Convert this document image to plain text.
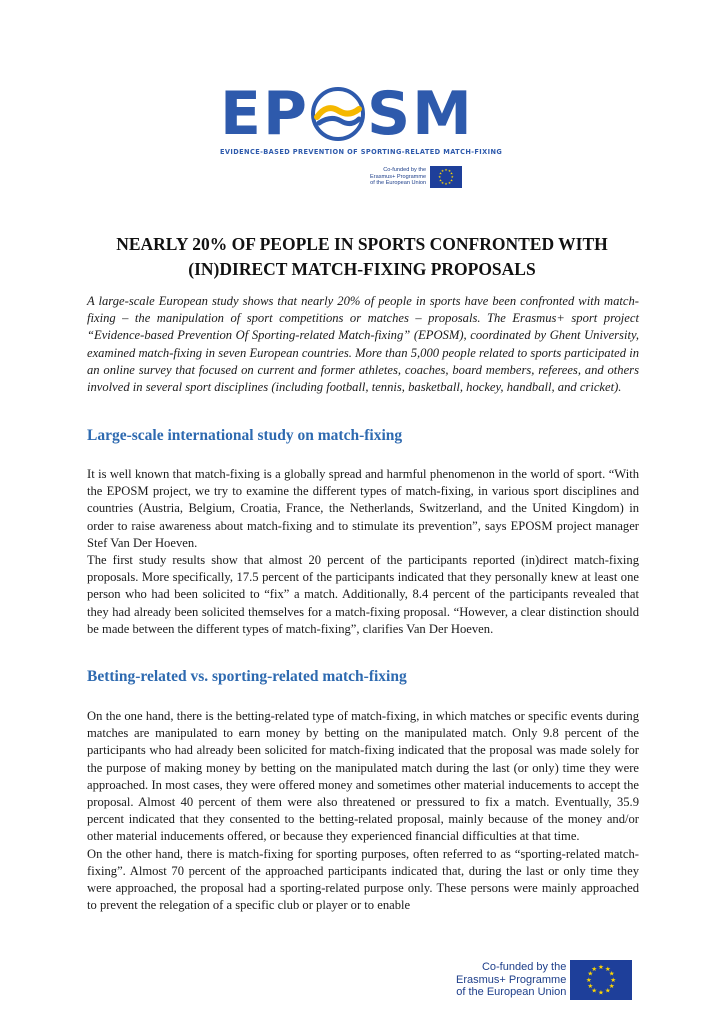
EP SM
EVIDENCE-BASED PREVENTION OF SPORTING-RELATED MATCH-FIXING
Co-funded by the
Erasmus+ Programme
of the European Union
★ ★
★
★
★
★
★
★
★
★
★
★
NEARLY 20% OF PEOPLE IN SPORTS CONFRONTED WITH
(IN)DIRECT MATCH-FIXING PROPOSALS
A large-scale European study shows that nearly 20% of people in sports have been confronted with match-fixing – the manipulation of sport competitions or matches – proposals. The Erasmus+ sport project “Evidence-based Prevention Of Sporting-related Match-fixing” (EPOSM), coordinated by Ghent University, examined match-fixing in seven European countries. More than 5,000 people related to sports participated in an online survey that focused on current and former athletes, coaches, board members, referees, and others involved in several sport disciplines (including football, tennis, basketball, hockey, handball, and cricket).
Large-scale international study on match-fixing

It is well known that match-fixing is a globally spread and harmful phenomenon in the world of sport. “With the EPOSM project, we try to examine the different types of match-fixing, in various sport disciplines and countries (Austria, Belgium, Croatia, France, the Netherlands, Switzerland, and the United Kingdom) in order to raise awareness about match-fixing and to stimulate its prevention”, says EPOSM project manager Stef Van Der Hoeven.

The first study results show that almost 20 percent of the participants reported (in)direct match-fixing proposals. More specifically, 17.5 percent of the participants indicated that they personally knew at least one person who had been solicited to “fix” a match. Additionally, 8.4 percent of the participants revealed that they had already been solicited themselves for a match-fixing proposal. “However, a clear distinction should be made between the different types of match-fixing”, clarifies Van Der Hoeven.

Betting-related vs. sporting-related match-fixing

On the one hand, there is the betting-related type of match-fixing, in which matches or specific events during matches are manipulated to earn money by betting on the manipulated match. Only 9.8 percent of the participants who had already been solicited for match-fixing indicated that the proposal was made solely for the purpose of making money by betting on the manipulated match during the last (or only) time they were approached. In most cases, they were offered money and sometimes other material inducements to accept the proposal. Almost 40 percent of them were also threatened or pressured to fix a match. Eventually, 35.9 percent indicated that they consented to the betting-related proposal, mainly because of the money and/or other material inducements offered, or because they experienced financial difficulties at that time.

On the other hand, there is match-fixing for sporting purposes, often referred to as “sporting-related match-fixing”. Almost 70 percent of the approached participants indicated that, during the last or only time they were approached, the proposal had a sporting-related purpose only. These persons were mainly approached to prevent the relegation of a specific club or player or to enable

Co-funded by the
Erasmus+ Programme
of the European Union
★ ★
★
★
★
★
★
★
★
★
★
★
